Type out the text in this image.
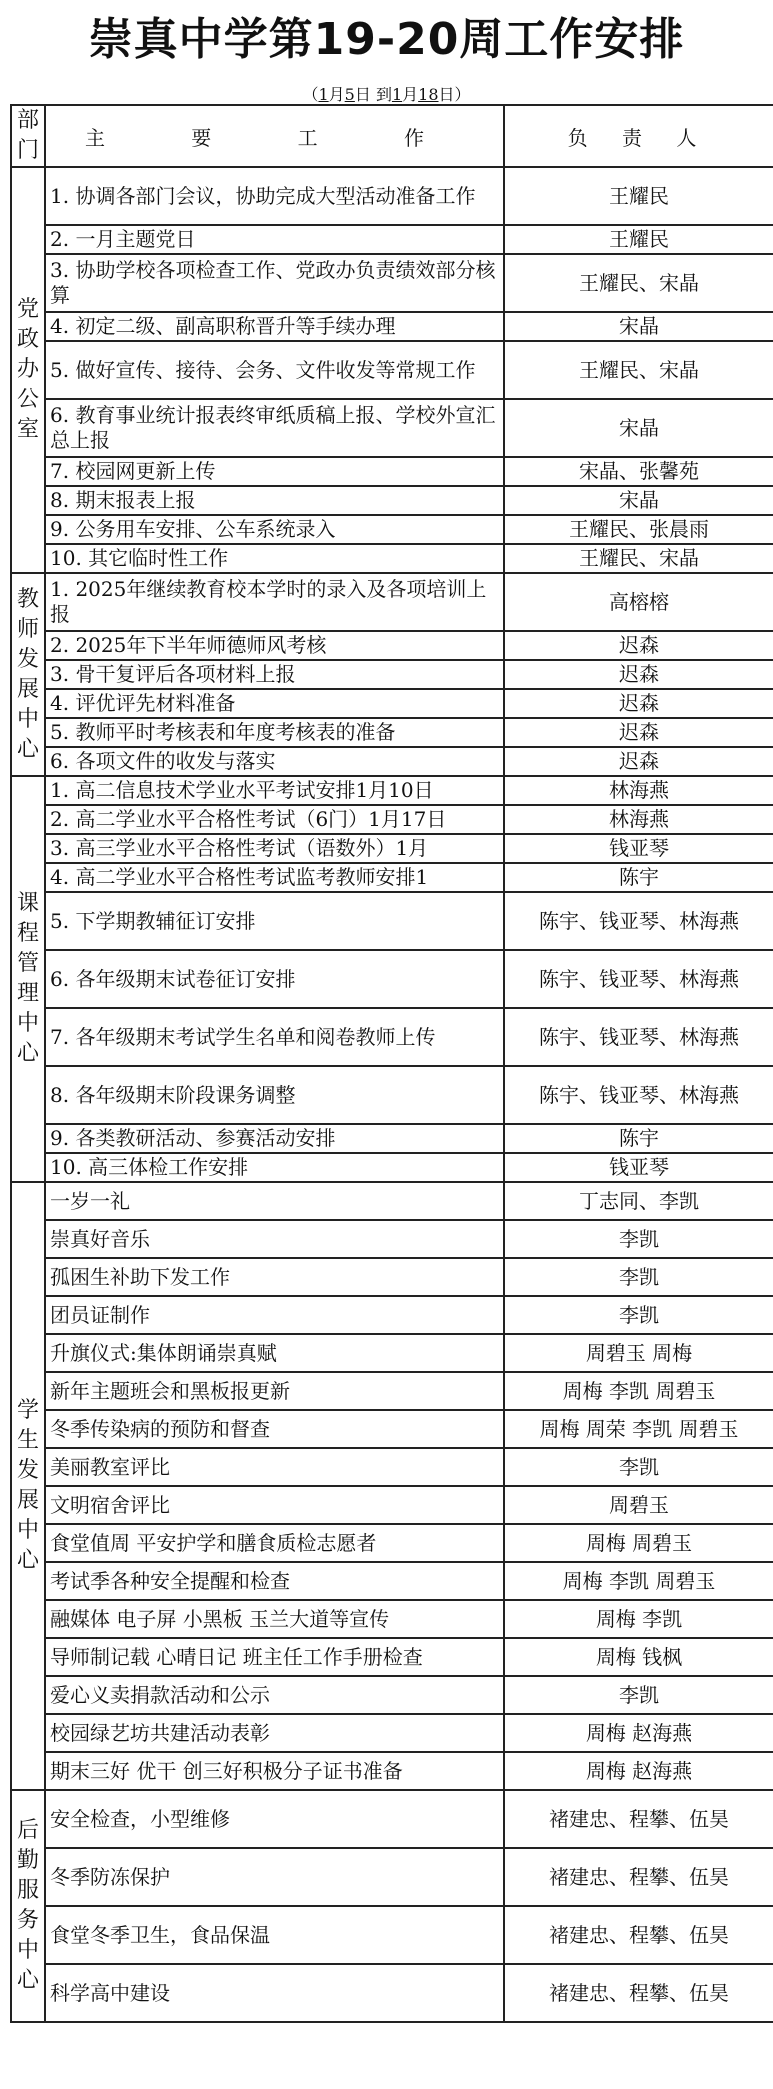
崇真中学第19-20周工作安排
（1月5日 到1月18日）
部门	主 要 工 作	负 责 人

党政办公室	1. 协调各部门会议，协助完成大型活动准备工作	王耀民
	2. 一月主题党日	王耀民
	3. 协助学校各项检查工作、党政办负责绩效部分核算	王耀民、宋晶
	4. 初定二级、副高职称晋升等手续办理	宋晶
	5. 做好宣传、接待、会务、文件收发等常规工作	王耀民、宋晶
	6. 教育事业统计报表终审纸质稿上报、学校外宣汇总上报	宋晶
	7. 校园网更新上传	宋晶、张馨苑
	8. 期末报表上报	宋晶
	9. 公务用车安排、公车系统录入	王耀民、张晨雨
	10. 其它临时性工作	王耀民、宋晶

教师发展中心	1. 2025年继续教育校本学时的录入及各项培训上报	高榕榕
	2. 2025年下半年师德师风考核	迟森
	3. 骨干复评后各项材料上报	迟森
	4. 评优评先材料准备	迟森
	5. 教师平时考核表和年度考核表的准备	迟森
	6. 各项文件的收发与落实	迟森

课程管理中心	1. 高二信息技术学业水平考试安排1月10日	林海燕
	2. 高二学业水平合格性考试（6门）1月17日	林海燕
	3. 高三学业水平合格性考试（语数外）1月	钱亚琴
	4. 高二学业水平合格性考试监考教师安排1	陈宇
	5. 下学期教辅征订安排	陈宇、钱亚琴、林海燕
	6. 各年级期末试卷征订安排	陈宇、钱亚琴、林海燕
	7. 各年级期末考试学生名单和阅卷教师上传	陈宇、钱亚琴、林海燕
	8. 各年级期末阶段课务调整	陈宇、钱亚琴、林海燕
	9. 各类教研活动、参赛活动安排	陈宇
	10. 高三体检工作安排	钱亚琴

学生发展中心	一岁一礼	丁志同、李凯
	崇真好音乐	李凯
	孤困生补助下发工作	李凯
	团员证制作	李凯
	升旗仪式:集体朗诵崇真赋	周碧玉 周梅
	新年主题班会和黑板报更新	周梅 李凯 周碧玉
	冬季传染病的预防和督查	周梅 周荣 李凯 周碧玉
	美丽教室评比	李凯
	文明宿舍评比	周碧玉
	食堂值周 平安护学和膳食质检志愿者	周梅 周碧玉
	考试季各种安全提醒和检查	周梅 李凯 周碧玉
	融媒体 电子屏 小黑板 玉兰大道等宣传	周梅 李凯
	导师制记载 心晴日记 班主任工作手册检查	周梅 钱枫
	爱心义卖捐款活动和公示	李凯
	校园绿艺坊共建活动表彰	周梅 赵海燕
	期末三好 优干 创三好积极分子证书准备	周梅 赵海燕

后勤服务中心	安全检查，小型维修	褚建忠、程攀、伍昊
	冬季防冻保护	褚建忠、程攀、伍昊
	食堂冬季卫生，食品保温	褚建忠、程攀、伍昊
	科学高中建设	褚建忠、程攀、伍昊
